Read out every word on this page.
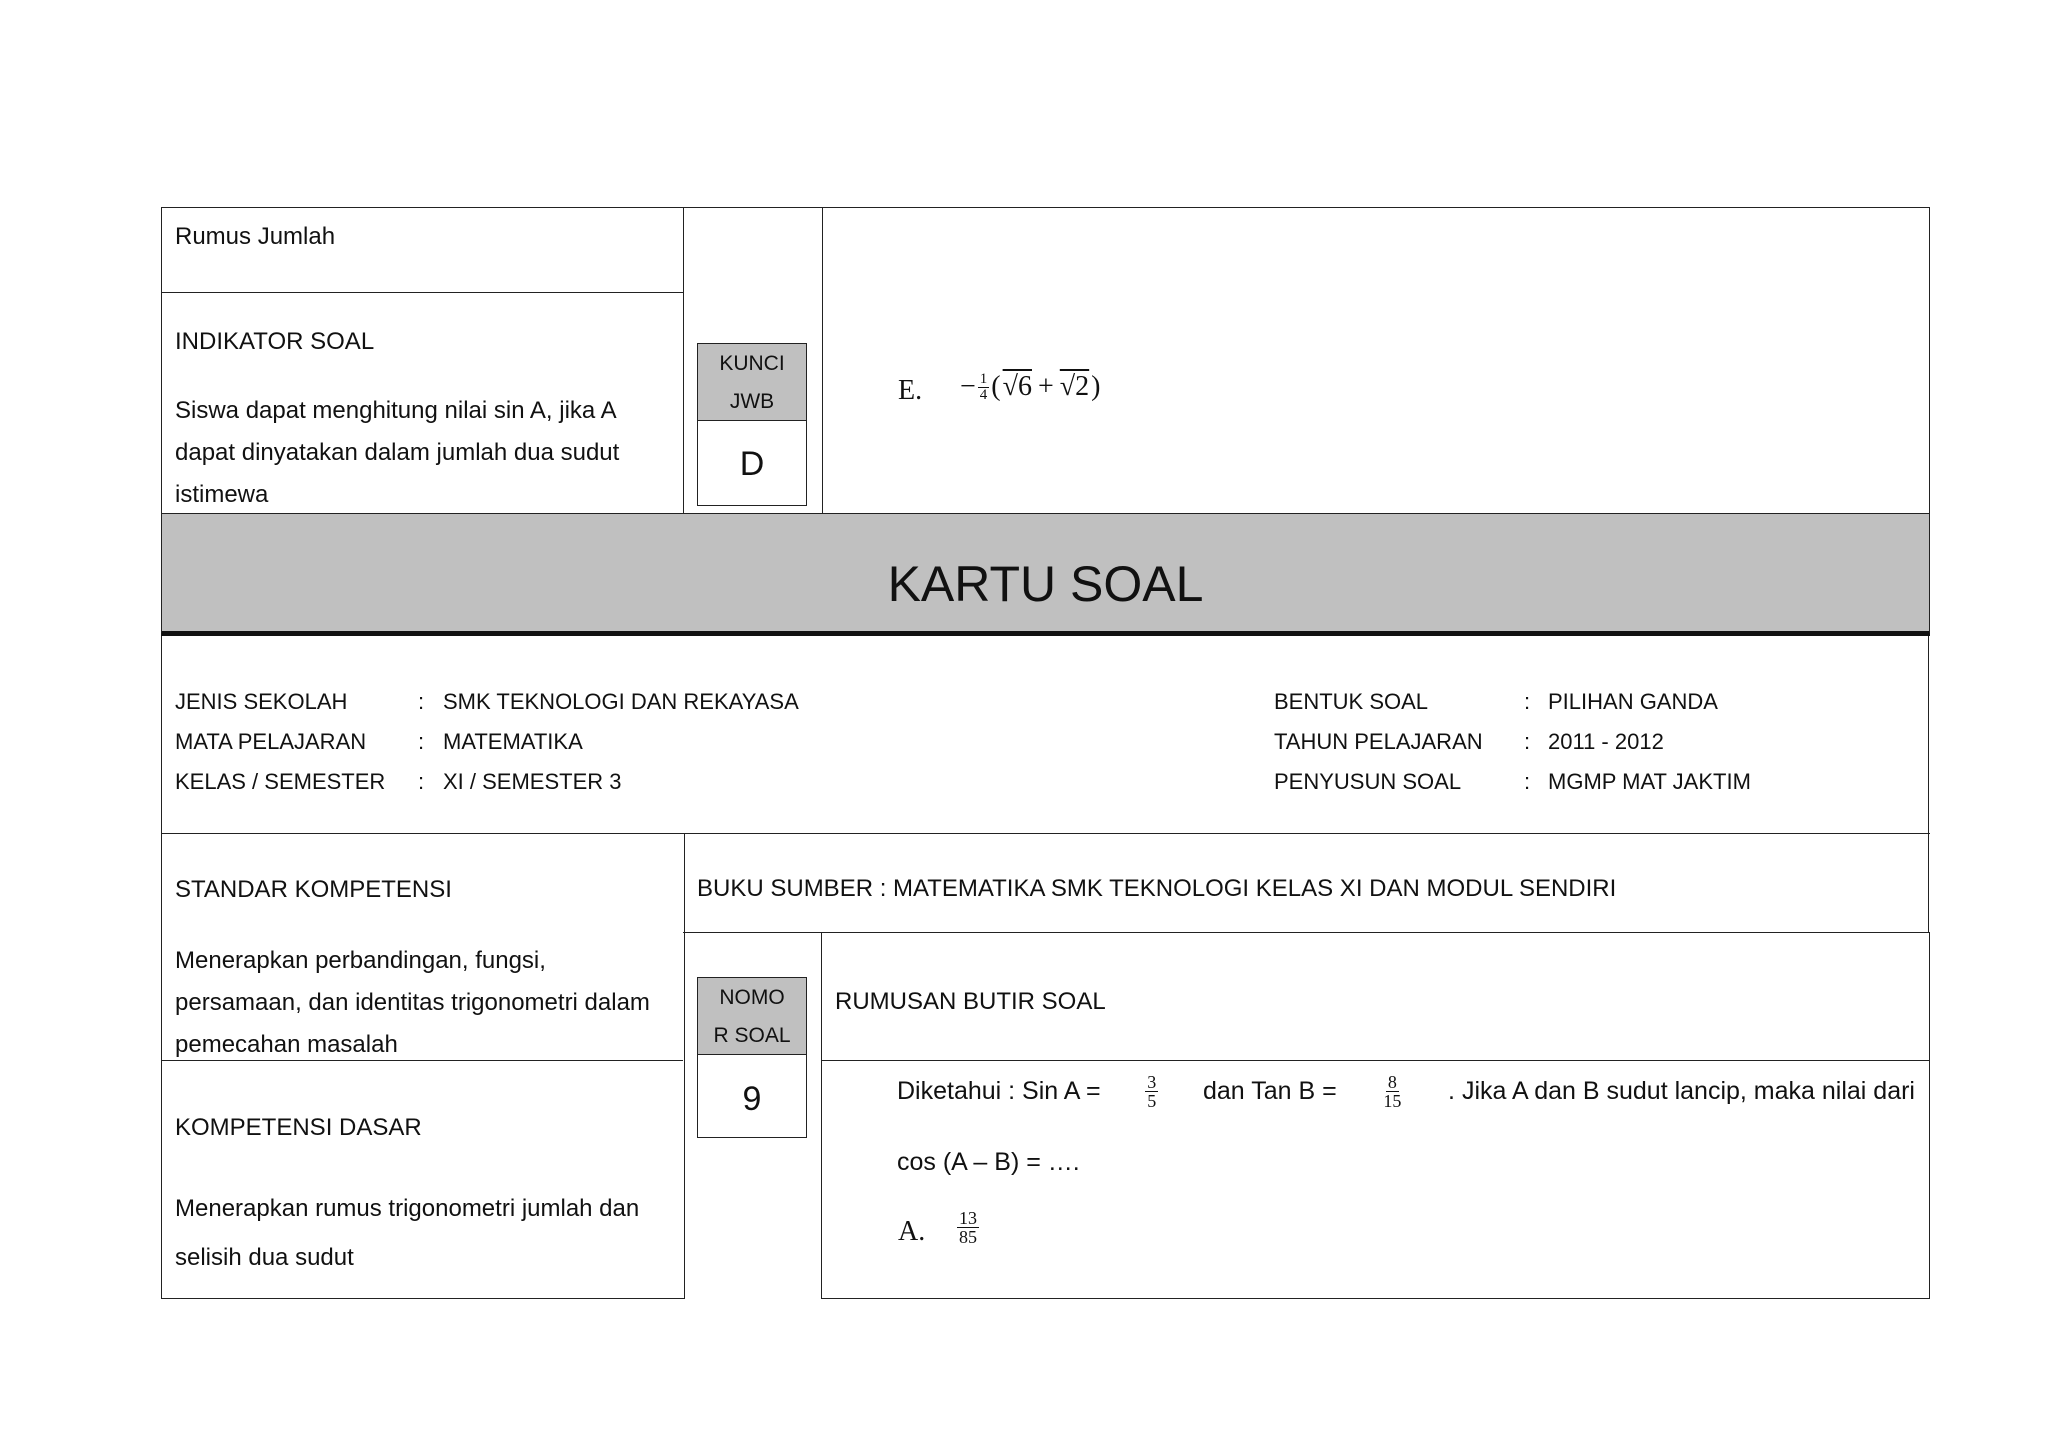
Rumus Jumlah
INDIKATOR SOAL
Siswa dapat menghitung nilai sin A, jika A
dapat dinyatakan dalam jumlah dua sudut
istimewa
KUNCI
JWB
D
E. − $\frac{1}{4}$ ( √6 + √2 )
KARTU SOAL
JENIS SEKOLAH	: SMK TEKNOLOGI DAN REKAYASA
MATA PELAJARAN : MATEMATIKA
KELAS / SEMESTER : XI / SEMESTER 3
BENTUK SOAL	: PILIHAN GANDA
TAHUN PELAJARAN : 2011 - 2012
PENYUSUN SOAL	: MGMP MAT JAKTIM
STANDAR KOMPETENSI
Menerapkan perbandingan, fungsi,
persamaan, dan identitas trigonometri dalam
pemecahan masalah
KOMPETENSI DASAR
Menerapkan rumus trigonometri jumlah dan
selisih dua sudut
BUKU SUMBER : MATEMATIKA SMK TEKNOLOGI KELAS XI DAN MODUL SENDIRI
NOMO
R SOAL
9
RUMUSAN BUTIR SOAL
Diketahui : Sin $A = \frac{3}{5}$ dan Tan $B = \frac{8}{15}$ . Jika A dan B sudut lancip, maka nilai dari
cos (A – B) = ….
A. $\frac{13}{85}$
